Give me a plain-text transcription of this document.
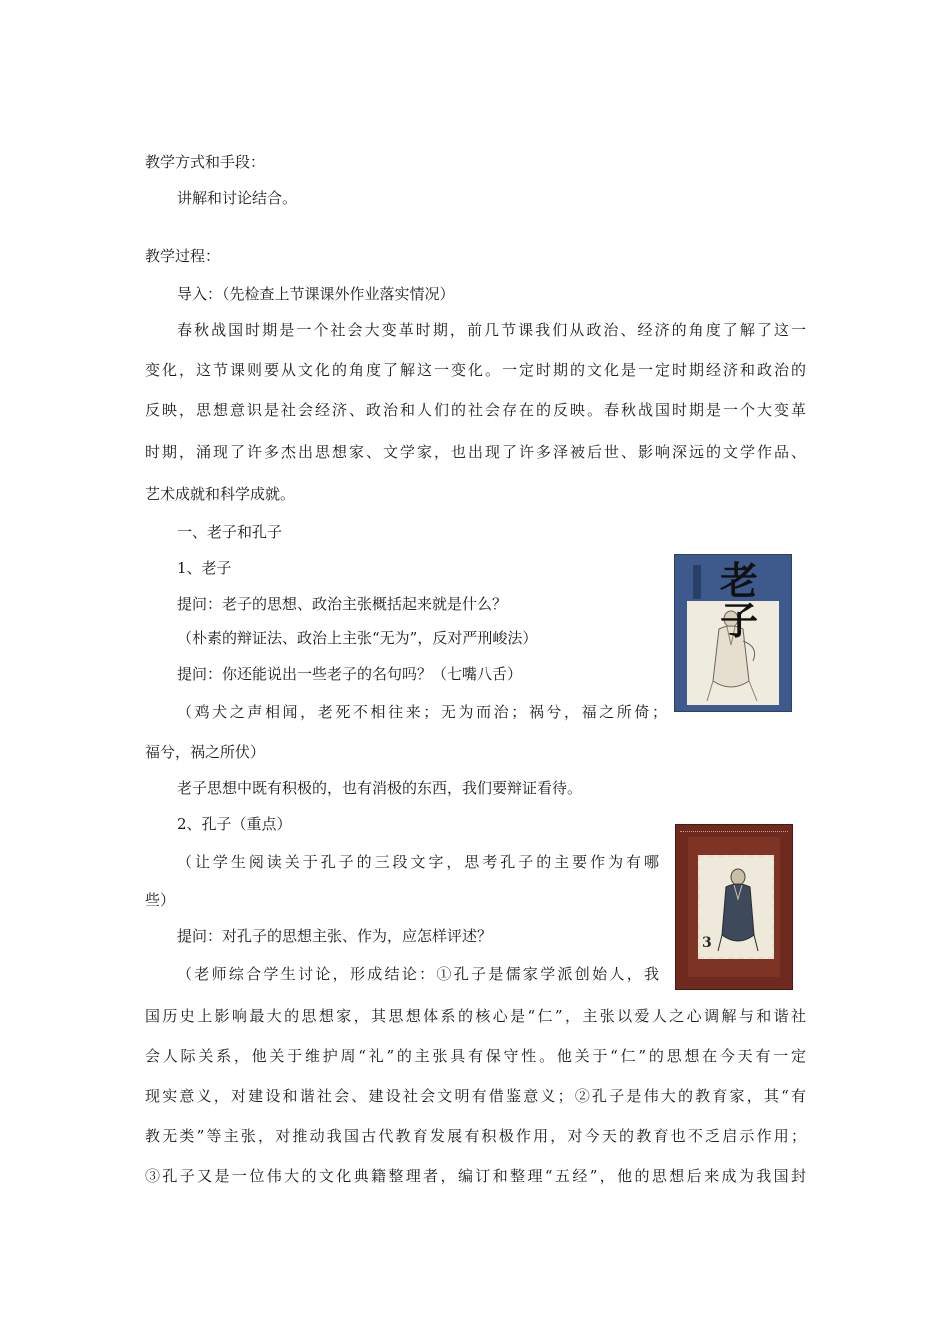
教学方式和手段：
讲解和讨论结合。
教学过程：
导入：（先检查上节课课外作业落实情况）
春秋战国时期是一个社会大变革时期，前几节课我们从政治、经济的角度了解了这一
变化，这节课则要从文化的角度了解这一变化。一定时期的文化是一定时期经济和政治的
反映，思想意识是社会经济、政治和人们的社会存在的反映。春秋战国时期是一个大变革
时期，涌现了许多杰出思想家、文学家，也出现了许多泽被后世、影响深远的文学作品、
艺术成就和科学成就。
一、老子和孔子
1、老子
提问：老子的思想、政治主张概括起来就是什么？
（朴素的辩证法、政治上主张“无为”，反对严刑峻法）
提问：你还能说出一些老子的名句吗？（七嘴八舌）
（鸡犬之声相闻，老死不相往来；无为而治；祸兮，福之所倚；
福兮，祸之所伏）
老子思想中既有积极的，也有消极的东西，我们要辩证看待。
2、孔子（重点）
（让学生阅读关于孔子的三段文字，思考孔子的主要作为有哪
些）
提问：对孔子的思想主张、作为，应怎样评述？
（老师综合学生讨论，形成结论：①孔子是儒家学派创始人，我
国历史上影响最大的思想家，其思想体系的核心是“仁”，主张以爱人之心调解与和谐社
会人际关系，他关于维护周“礼”的主张具有保守性。他关于“仁”的思想在今天有一定
现实意义，对建设和谐社会、建设社会文明有借鉴意义；②孔子是伟大的教育家，其“有
教无类”等主张，对推动我国古代教育发展有积极作用，对今天的教育也不乏启示作用；
③孔子又是一位伟大的文化典籍整理者，编订和整理“五经”，他的思想后来成为我国封
老子
3
